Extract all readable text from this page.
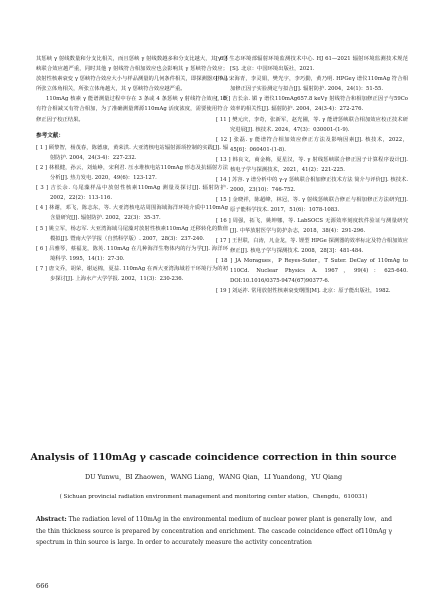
其惩峡 γ 射线数量和分支比相关，而且惩峡 γ 射线数越多和分支比越大，其 γ 惩峡联合效应越严重，同时其他 γ 射线符合相加效应也会影响其 γ 惩峡符合效应；放射性核素衰变 γ 惩峡符合效应大小与样品测量的几何条件相关，即探测器对样品所张立体角相关，所张立体角越大，其 γ 惩峡符合效应越严重。

110mAg 核素 γ 能谱测量过程中存在 3 条或 4 条惩峡 γ 射线符合效应，既有符合相减又有符合相加，为了准确测量薄源110mAg 活度浓度，需要使用符合修正因子校正结果。

参考文献：

[ 1 ] 顾黎智，杨茂春，陈德康，黄荣洪. 大亚湾核电站辐射源项控制的实践[J]. 辐射防护. 2004，24(3-4)：227-232.

[ 2 ] 林根健，孙云，刘灿峥，宋利君. 压水堆核电站110mAg 形态及抗辐射方法分析[J]. 热力发电. 2020，49(6)：123-127.

[ 3 ] 吉长余. 乌尾藻样品中放射性核素110mAg 测量及探讨[J]. 辐射防护. 2002，22(2)：113-116.

[ 4 ] 林谢，邓飞，陈志东，等. 大亚湾核电站周围海域海洋环境介质中110mAg 含量研究[J]. 辐射防护. 2002，22(3)：35-37.

[ 5 ] 姚立军，杨志军. 大亚湾海域马尾藻对放射性核素110mAg 迁移转化的数值模拟[J]. 暨南大学学报（自然科学版）. 2007，28(3)：237-240.

[ 6 ] 吕雅琴，蔡福龙，陈英. 110mAg 在几种海洋生物体内的行为学[J]. 海洋环境科学. 1995，14(1)：27-30.

[ 7 ] 唐文乔，胡荣，谢运棉，夏益. 110mAg 在西大亚湾海域若干环境行为的初步探讨[J]. 上海水产大学学报. 2002，11(3)：230-236.

[ 8 ] 生态环境部辐射环境监测技术中心. HJ 61—2021 辐射环境监测技术规范[S]. 北京：中国环境出版社，2021.

[ 9 ] 宋海青，李灵娟，樊光宇，李巧勤，黄乃明. HPGeγ 谱仪110mAg 符合相加修正因子实验测定与拟合[J]. 辐射防护. 2004，24(1)：51-55.

[ 10 ] 吉长余. 镅 γ 谱仪110mAg657.8 keVγ 射线符合和相加修正因子与59Co 效率的相关性[J]. 辐射防护. 2004，24(3-4)：272-276.

[ 11 ] 樊元庆，李奇，张新军，赵光圃，等. γ 能谱惩峡联合相加效应校正技术研究进展[J]. 核技术. 2024，47(3)：030001-(1-9).

[ 12 ] 张磊. γ 能谱符合相加效应修正方法及影响因素[J]. 核技术，2022，45[6]：060401-(1-8).

[ 13 ] 韩良文，商金梅，夏星汉，等. γ 射线惩峡联合修正因子计算程序设计[J]. 核电子学与探测技术，2021，41(2)：221-225.

[ 14 ] 苏容. γ 谱分析中的 γ-γ 惩峡联合相加修正技术方法 简介与评价[J]. 核技术. 2000，23(10)：746-752.

[ 15 ] 金晓祥，陈超峰，林冠，等. γ 射线惩峡联合修正与相加修正方法研究[J]. 原子能科学技术. 2017，51(6)：1078-1083.

[ 16 ] 周强，拓飞，姚坤娜，等. LabSOCS 无源效率刻度软件验证与测量研究[J]. 中华放射医学与防护杂志，2018，38(4)：291-296.

[ 17 ] 王世联，白涛，凡金龙，等. 锂型 HPGe 探测器的效率标定及符合相加效应修正[J]. 核电子学与探测技术. 2008，28[3]：481-484.

[ 18 ] JA Moragues，P Reyes-Suter，T Suter. DeCay of 110mAg to 110Cd. Nuclear Physics A. 1967，99(4)：625-640. DOI:10.1016/0375-9474(67)90377-6.

[ 19 ] 刘运祚. 常用放射性核素衰变纲图[M]. 北京：原子能出版社，1982.

Analysis of 110mAg γ cascade coincidence correction in thin source
DU Yunwu，BI Zhaowen，WANG Liang，WANG Qian，LI Yuandong，YU Qiang
( Sichuan provincial radiation environment management and monitoring center station，Chengdu，610031)
Abstract: The radiation level of 110mAg in the environmental medium of nuclear power plant is generally low，and the thin thickness source is prepared by concentration and enrichment. The cascade coincidence effect of110mAg γ spectrum in thin source is large. In order to accurately measure the activity concentration
666
